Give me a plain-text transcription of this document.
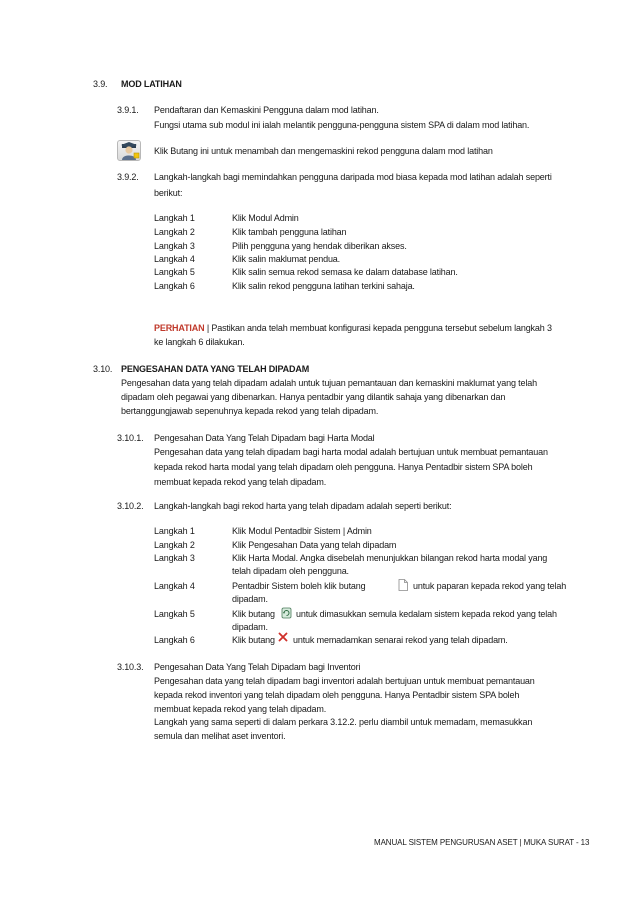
3.9. MOD LATIHAN
3.9.1. Pendaftaran dan Kemaskini Pengguna dalam mod latihan.
Fungsi utama sub modul ini ialah melantik pengguna-pengguna sistem SPA di dalam mod latihan.
Klik Butang ini untuk menambah dan mengemaskini rekod pengguna dalam mod latihan
3.9.2. Langkah-langkah bagi memindahkan pengguna daripada mod biasa kepada mod latihan adalah seperti
berikut:
Langkah 1	Klik Modul Admin
Langkah 2	Klik tambah pengguna latihan
Langkah 3	Pilih pengguna yang hendak diberikan akses.
Langkah 4	Klik salin maklumat pendua.
Langkah 5	Klik salin semua rekod semasa ke dalam database latihan.
Langkah 6	Klik salin rekod pengguna latihan terkini sahaja.
PERHATIAN | Pastikan anda telah membuat konfigurasi kepada pengguna tersebut sebelum langkah 3
ke langkah 6 dilakukan.
3.10. PENGESAHAN DATA YANG TELAH DIPADAM
Pengesahan data yang telah dipadam adalah untuk tujuan pemantauan dan kemaskini maklumat yang telah
dipadam oleh pegawai yang dibenarkan. Hanya pentadbir yang dilantik sahaja yang dibenarkan dan
bertanggungjawab sepenuhnya kepada rekod yang telah dipadam.
3.10.1. Pengesahan Data Yang Telah Dipadam bagi Harta Modal
Pengesahan data yang telah dipadam bagi harta modal adalah bertujuan untuk membuat pemantauan
kepada rekod harta modal yang telah dipadam oleh pengguna. Hanya Pentadbir sistem SPA boleh
membuat kepada rekod yang telah dipadam.
3.10.2. Langkah-langkah bagi rekod harta yang telah dipadam adalah seperti berikut:
Langkah 1	Klik Modul Pentadbir Sistem | Admin
Langkah 2	Klik Pengesahan Data yang telah dipadam
Langkah 3	Klik Harta Modal. Angka disebelah menunjukkan bilangan rekod harta modal yang
telah dipadam oleh pengguna.
Langkah 4	Pentadbir Sistem boleh klik butang	untuk paparan kepada rekod yang telah
dipadam.
Langkah 5	Klik butang untuk dimasukkan semula kedalam sistem kepada rekod yang telah
dipadam.
Langkah 6	Klik butang untuk memadamkan senarai rekod yang telah dipadam.
3.10.3. Pengesahan Data Yang Telah Dipadam bagi Inventori
Pengesahan data yang telah dipadam bagi inventori adalah bertujuan untuk membuat pemantauan
kepada rekod inventori yang telah dipadam oleh pengguna. Hanya Pentadbir sistem SPA boleh
membuat kepada rekod yang telah dipadam.
Langkah yang sama seperti di dalam perkara 3.12.2. perlu diambil untuk memadam, memasukkan
semula dan melihat aset inventori.
MANUAL SISTEM PENGURUSAN ASET | MUKA SURAT - 13
